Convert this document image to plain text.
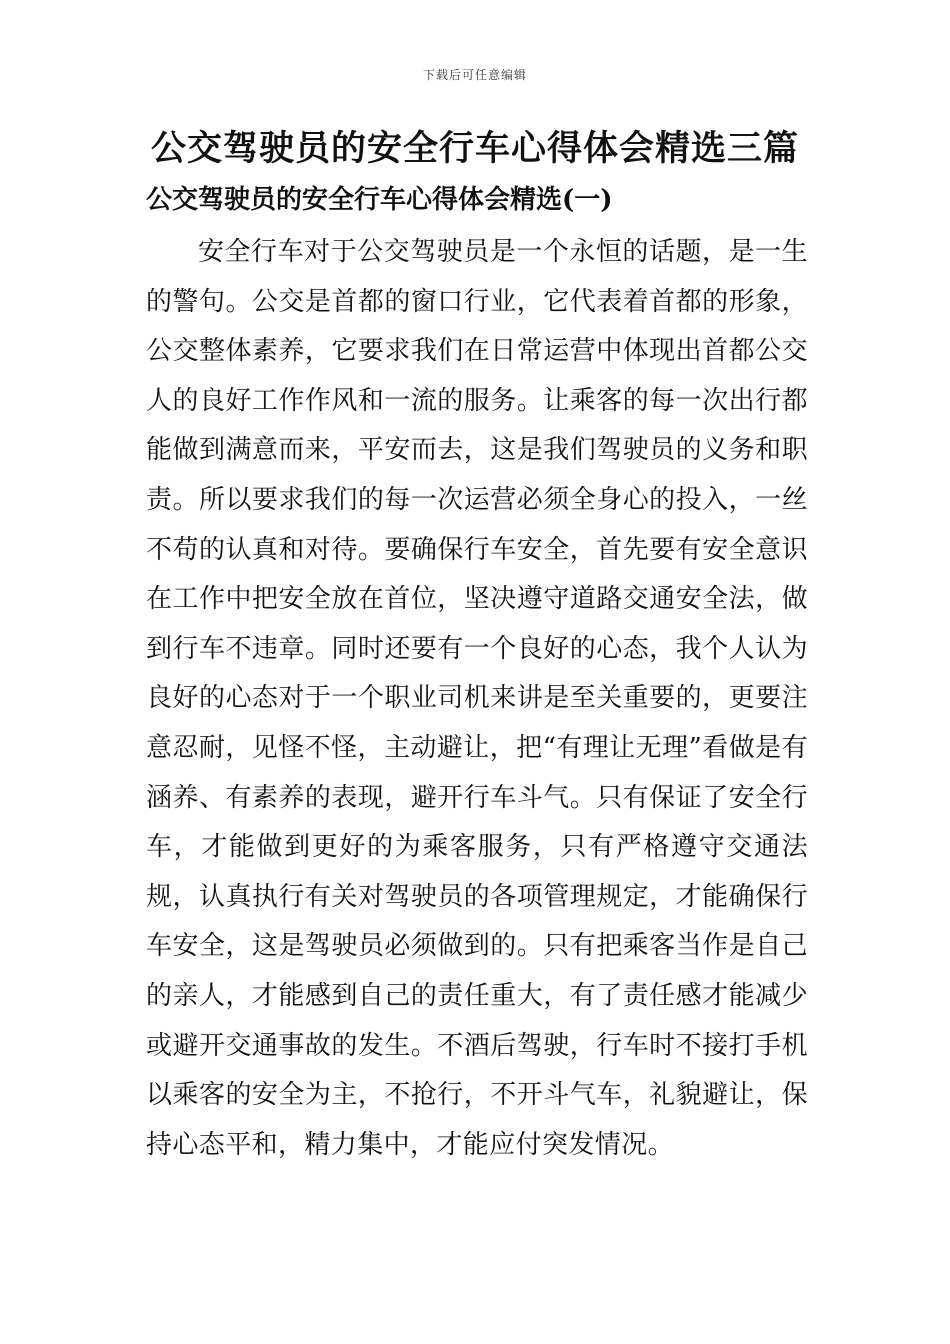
下载后可任意编辑
公交驾驶员的安全行车心得体会精选三篇
公交驾驶员的安全行车心得体会精选(一)

安全行车对于公交驾驶员是一个永恒的话题，是一生的警句。公交是首都的窗口行业，它代表着首都的形象，公交整体素养，它要求我们在日常运营中体现出首都公交人的良好工作作风和一流的服务。让乘客的每一次出行都能做到满意而来，平安而去，这是我们驾驶员的义务和职责。所以要求我们的每一次运营必须全身心的投入，一丝不苟的认真和对待。要确保行车安全，首先要有安全意识在工作中把安全放在首位，坚决遵守道路交通安全法，做到行车不违章。同时还要有一个良好的心态，我个人认为良好的心态对于一个职业司机来讲是至关重要的，更要注意忍耐，见怪不怪，主动避让，把“有理让无理”看做是有涵养、有素养的表现，避开行车斗气。只有保证了安全行车，才能做到更好的为乘客服务，只有严格遵守交通法规，认真执行有关对驾驶员的各项管理规定，才能确保行车安全，这是驾驶员必须做到的。只有把乘客当作是自己的亲人，才能感到自己的责任重大，有了责任感才能减少或避开交通事故的发生。不酒后驾驶，行车时不接打手机以乘客的安全为主，不抢行，不开斗气车，礼貌避让，保持心态平和，精力集中，才能应付突发情况。
